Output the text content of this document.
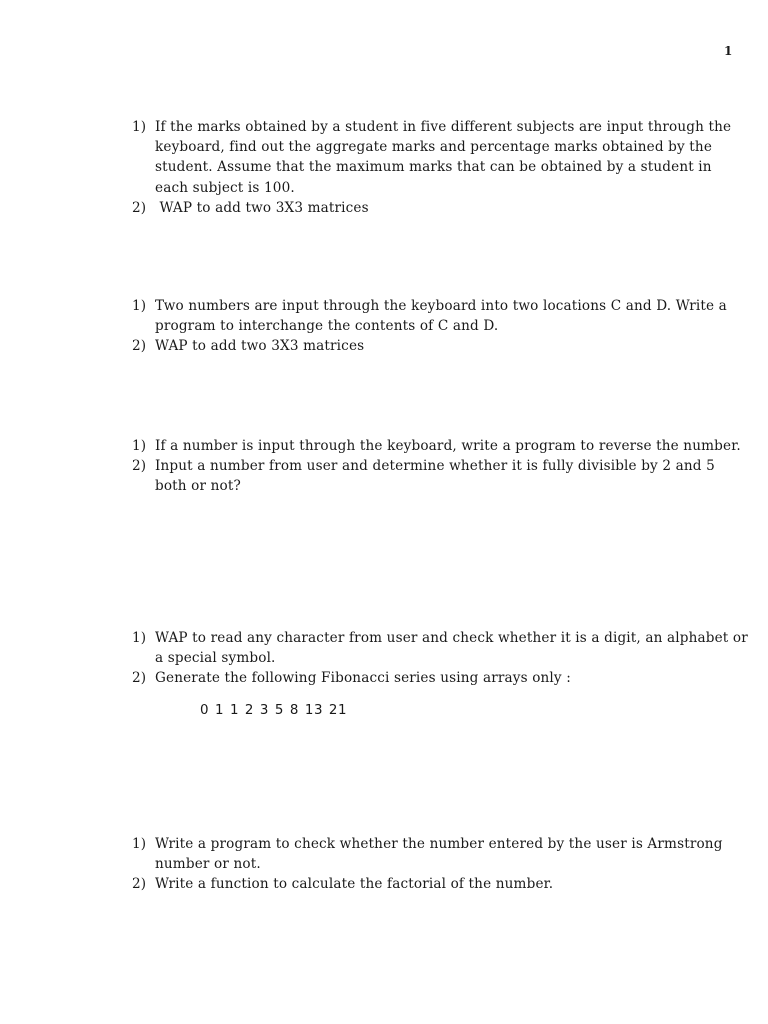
1
1) If the marks obtained by a student in five different subjects are input through the keyboard, find out the aggregate marks and percentage marks obtained by the student. Assume that the maximum marks that can be obtained by a student in each subject is 100.
2) WAP to add two 3X3 matrices
1) Two numbers are input through the keyboard into two locations C and D. Write a program to interchange the contents of C and D.
2) WAP to add two 3X3 matrices
1) If a number is input through the keyboard, write a program to reverse the number.
2) Input a number from user and determine whether it is fully divisible by 2 and 5 both or not?
1) WAP to read any character from user and check whether it is a digit, an alphabet or a special symbol.
2) Generate the following Fibonacci series using arrays only :
0 1 1 2 3 5 8 13 21
1) Write a program to check whether the number entered by the user is Armstrong number or not.
2) Write a function to calculate the factorial of the number.
